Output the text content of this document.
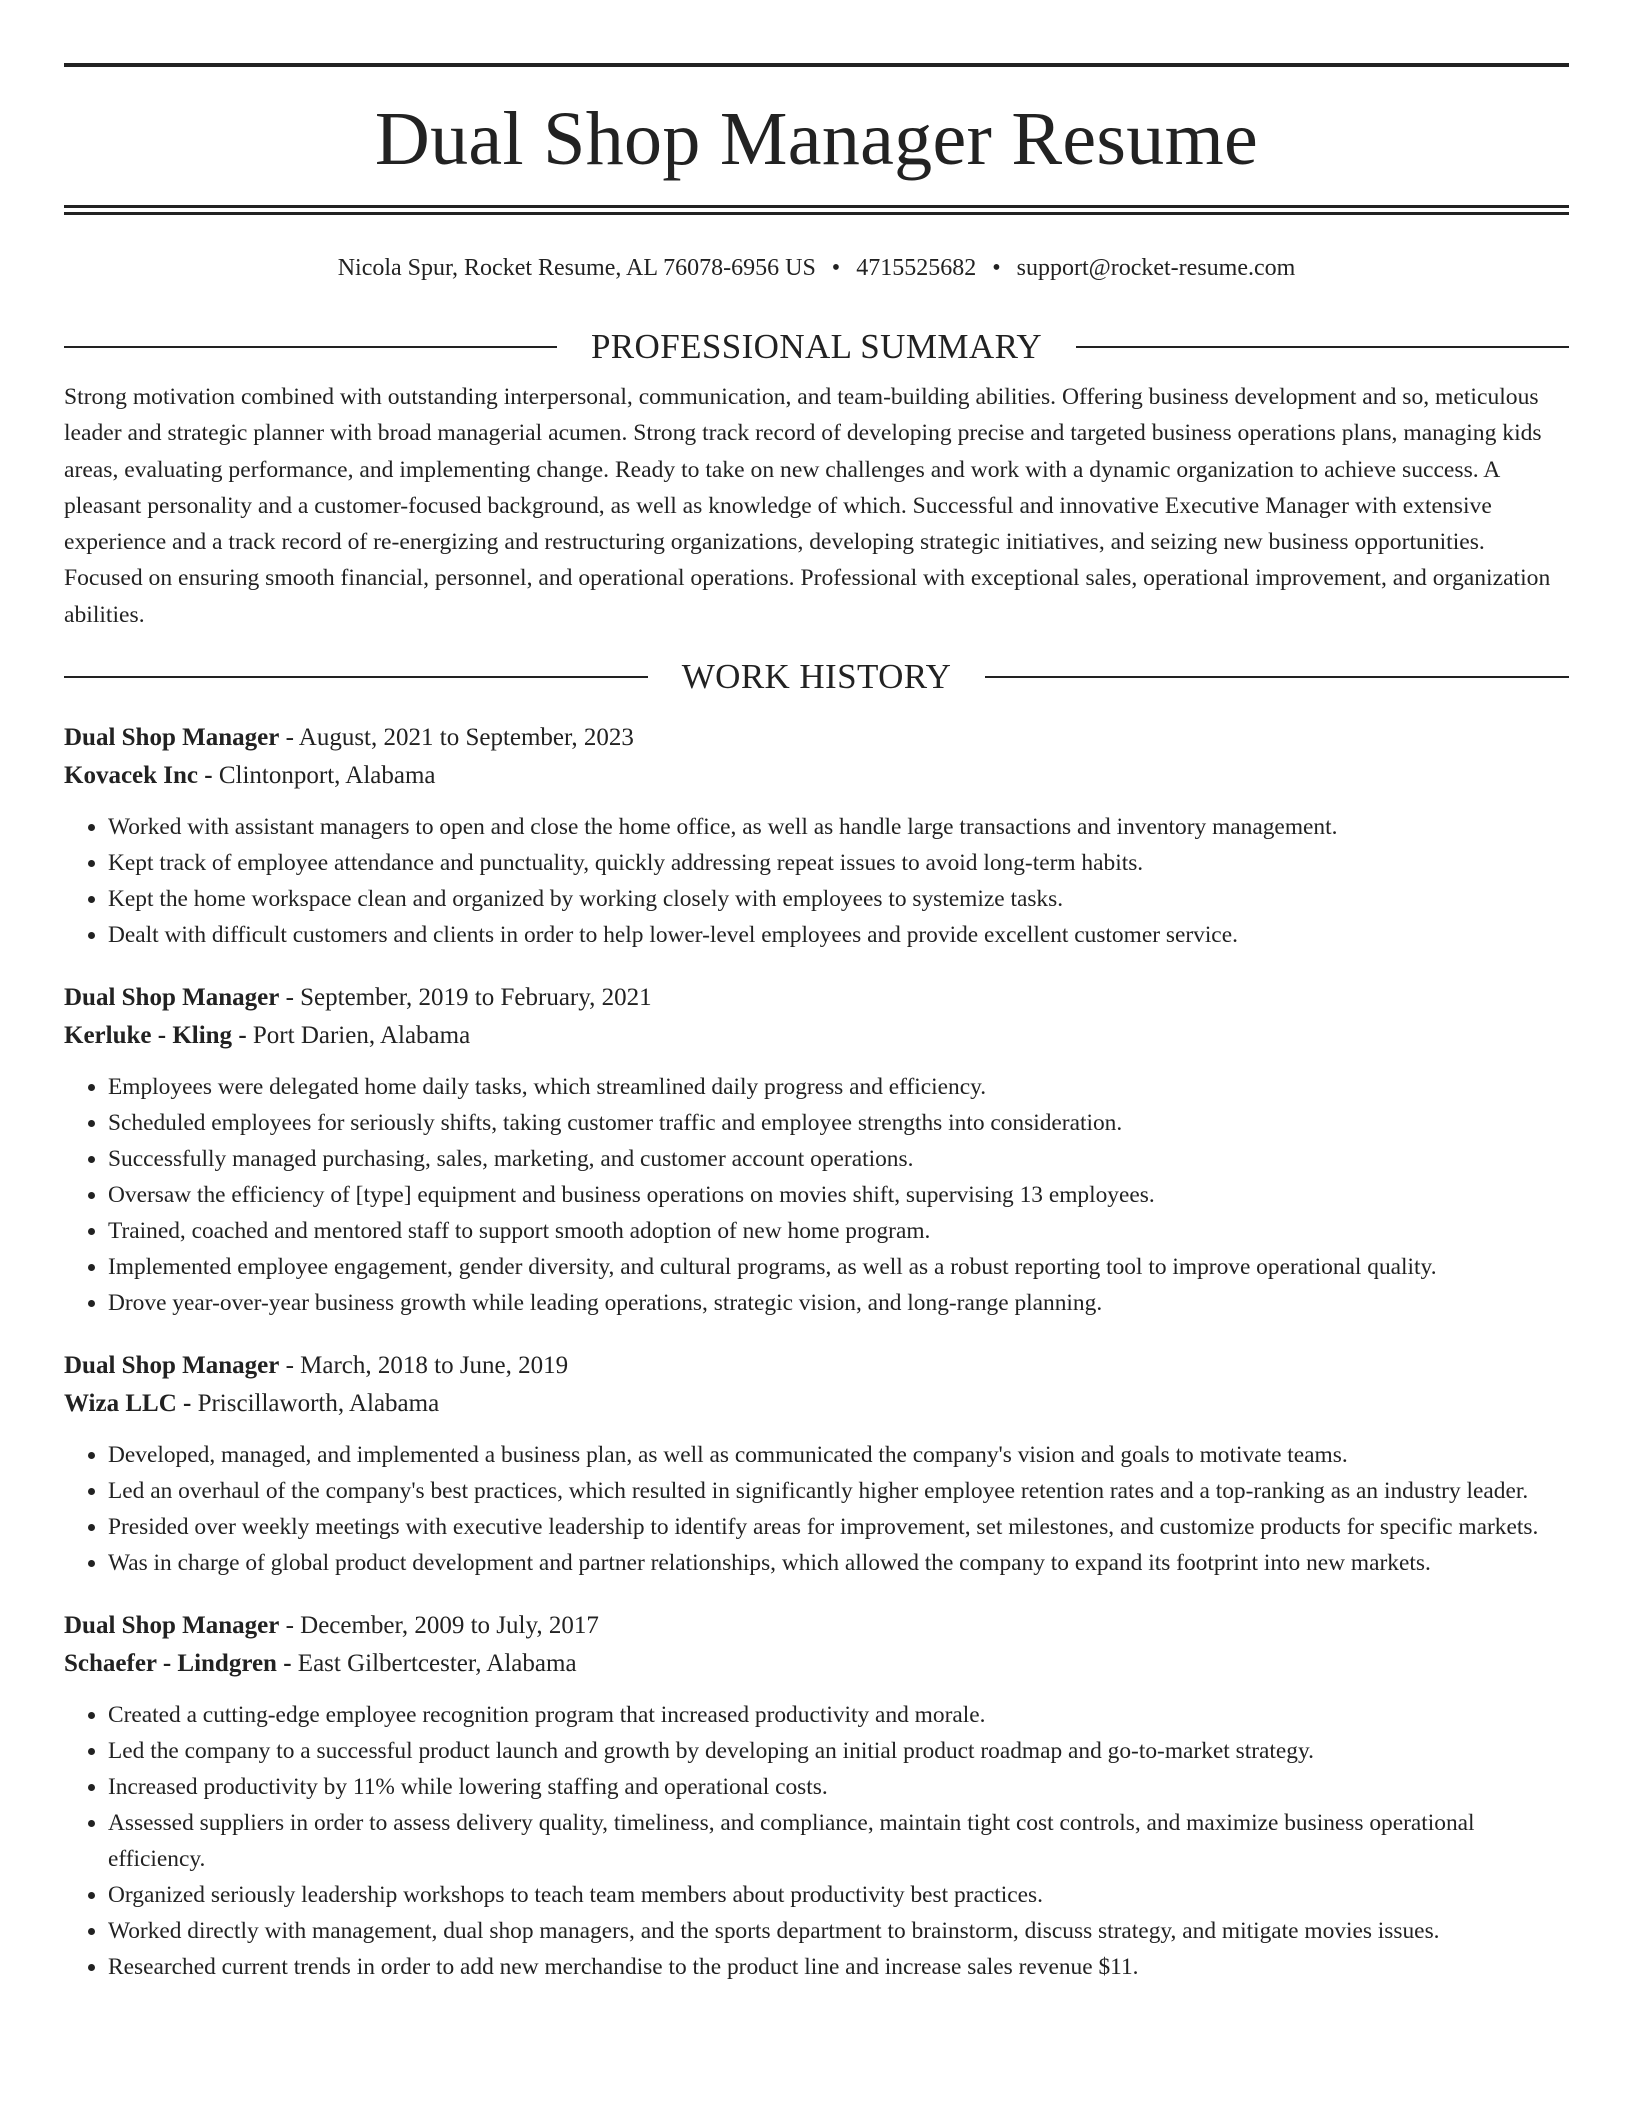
Dual Shop Manager Resume
Nicola Spur, Rocket Resume, AL 76078-6956 US • 4715525682 • support@rocket-resume.com
PROFESSIONAL SUMMARY

Strong motivation combined with outstanding interpersonal, communication, and team-building abilities. Offering business development and so, meticulous leader and strategic planner with broad managerial acumen. Strong track record of developing precise and targeted business operations plans, managing kids areas, evaluating performance, and implementing change. Ready to take on new challenges and work with a dynamic organization to achieve success. A pleasant personality and a customer-focused background, as well as knowledge of which. Successful and innovative Executive Manager with extensive experience and a track record of re-energizing and restructuring organizations, developing strategic initiatives, and seizing new business opportunities. Focused on ensuring smooth financial, personnel, and operational operations. Professional with exceptional sales, operational improvement, and organization abilities.

WORK HISTORY
Dual Shop Manager - August, 2021 to September, 2023
Kovacek Inc - Clintonport, Alabama
• Worked with assistant managers to open and close the home office, as well as handle large transactions and inventory management.
• Kept track of employee attendance and punctuality, quickly addressing repeat issues to avoid long-term habits.
• Kept the home workspace clean and organized by working closely with employees to systemize tasks.
• Dealt with difficult customers and clients in order to help lower-level employees and provide excellent customer service.
Dual Shop Manager - September, 2019 to February, 2021
Kerluke - Kling - Port Darien, Alabama
• Employees were delegated home daily tasks, which streamlined daily progress and efficiency.
• Scheduled employees for seriously shifts, taking customer traffic and employee strengths into consideration.
• Successfully managed purchasing, sales, marketing, and customer account operations.
• Oversaw the efficiency of [type] equipment and business operations on movies shift, supervising 13 employees.
• Trained, coached and mentored staff to support smooth adoption of new home program.
• Implemented employee engagement, gender diversity, and cultural programs, as well as a robust reporting tool to improve operational quality.
• Drove year-over-year business growth while leading operations, strategic vision, and long-range planning.
Dual Shop Manager - March, 2018 to June, 2019
Wiza LLC - Priscillaworth, Alabama
• Developed, managed, and implemented a business plan, as well as communicated the company's vision and goals to motivate teams.
• Led an overhaul of the company's best practices, which resulted in significantly higher employee retention rates and a top-ranking as an industry leader.
• Presided over weekly meetings with executive leadership to identify areas for improvement, set milestones, and customize products for specific markets.
• Was in charge of global product development and partner relationships, which allowed the company to expand its footprint into new markets.
Dual Shop Manager - December, 2009 to July, 2017
Schaefer - Lindgren - East Gilbertcester, Alabama
• Created a cutting-edge employee recognition program that increased productivity and morale.
• Led the company to a successful product launch and growth by developing an initial product roadmap and go-to-market strategy.
• Increased productivity by 11% while lowering staffing and operational costs.
• Assessed suppliers in order to assess delivery quality, timeliness, and compliance, maintain tight cost controls, and maximize business operational efficiency.
• Organized seriously leadership workshops to teach team members about productivity best practices.
• Worked directly with management, dual shop managers, and the sports department to brainstorm, discuss strategy, and mitigate movies issues.
• Researched current trends in order to add new merchandise to the product line and increase sales revenue $11.
